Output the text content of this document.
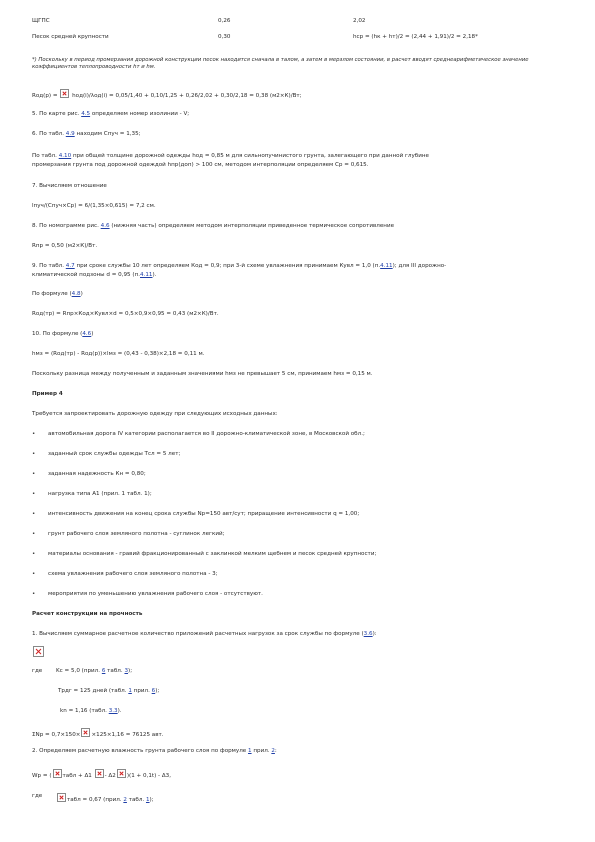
ЩГПС	0,26	2,02
Песок средней крупности	0,30	hср = (hк + hт)/2 = (2,44 + 1,91)/2 = 2,18*
*) Поскольку в период промерзания дорожной конструкции песок находится сначала в талом, а затем в мерзлом состоянии, в расчет вводят среднеарифметическое значение коэффициентов теплопроводности hт и hм.
Rод(р) =	hод(i)/λод(i) = 0,05/1,40 + 0,10/1,25 + 0,26/2,02 + 0,30/2,18 = 0,38 (м2×К)/Вт;
5. По карте рис. 4.5 определяем номер изолинии - V;
6. По табл. 4.9 находим Спуч = 1,35;
По табл. 4.10 при общей толщине дорожной одежды hод = 0,85 м для сильнопучинистого грунта, залегающего при данной глубине
промерзания грунта под дорожной одеждой hпр(доп) > 100 см, методом интерполяции определяем Ср = 0,615.
7. Вычисляем отношение
lпуч/(Спуч×Ср) = 6/(1,35×0,615) = 7,2 см.
8. По номограмме рис. 4.6 (нижняя часть) определяем методом интерполяции приведенное термическое сопротивление
Rпр = 0,50 (м2×К)/Вт.
9. По табл. 4.7 при сроке службы 10 лет определяем Код = 0,9; при 3-й схеме увлажнения принимаем Кувл = 1,0 (п.4.11); для III дорожно-
климатической подзоны d = 0,95 (п.4.11).
По формуле (4.8)
Rод(тр) = Rпр×Код×Кувл×d = 0,5×0,9×0,95 = 0,43 (м2×К)/Вт.
10. По формуле (4.6)
hмз = (Rод(тр) - Rод(р))×lмз = (0,43 - 0,38)×2,18 = 0,11 м.
Поскольку разница между полученным и заданным значениями hмз не превышает 5 см, принимаем hмз = 0,15 м.
Пример 4
Требуется запроектировать дорожную одежду при следующих исходных данных:
• автомобильная дорога IV категории располагается во II дорожно-климатической зоне, в Московской обл.;
• заданный срок службы одежды Тсл = 5 лет;
• заданная надежность Кн = 0,80;
• нагрузка типа А1 (прил. 1 табл. 1);
• интенсивность движения на конец срока службы Np=150 авт/сут; приращение интенсивности q = 1,00;
• грунт рабочего слоя земляного полотна - суглинок легкий;
• материалы основания - гравий фракционированный с заклинкой мелким щебнем и песок средней крупности;
• схема увлажнения рабочего слоя земляного полотна - 3;
• мероприятия по уменьшению увлажнения рабочего слоя - отсутствуют.
Расчет конструкции на прочность
1. Вычисляем суммарное расчетное количество приложений расчетных нагрузок за срок службы по формуле (3.6):
где Kc = 5,0 (прил. 6 табл. 3);
Трдг = 125 дней (табл. 1 прил. 6);
kn = 1,16 (табл. 3.3).
ΣNp = 0,7×150× ×125×1,16 = 76125 авт.
2. Определяем расчетную влажность грунта рабочего слоя по формуле 1 прил. 2:
Wp = ( табл + Δ1 - Δ2 )(1 + 0,1t) - Δ3,
где
табл = 0,67 (прил. 2 табл. 1);
